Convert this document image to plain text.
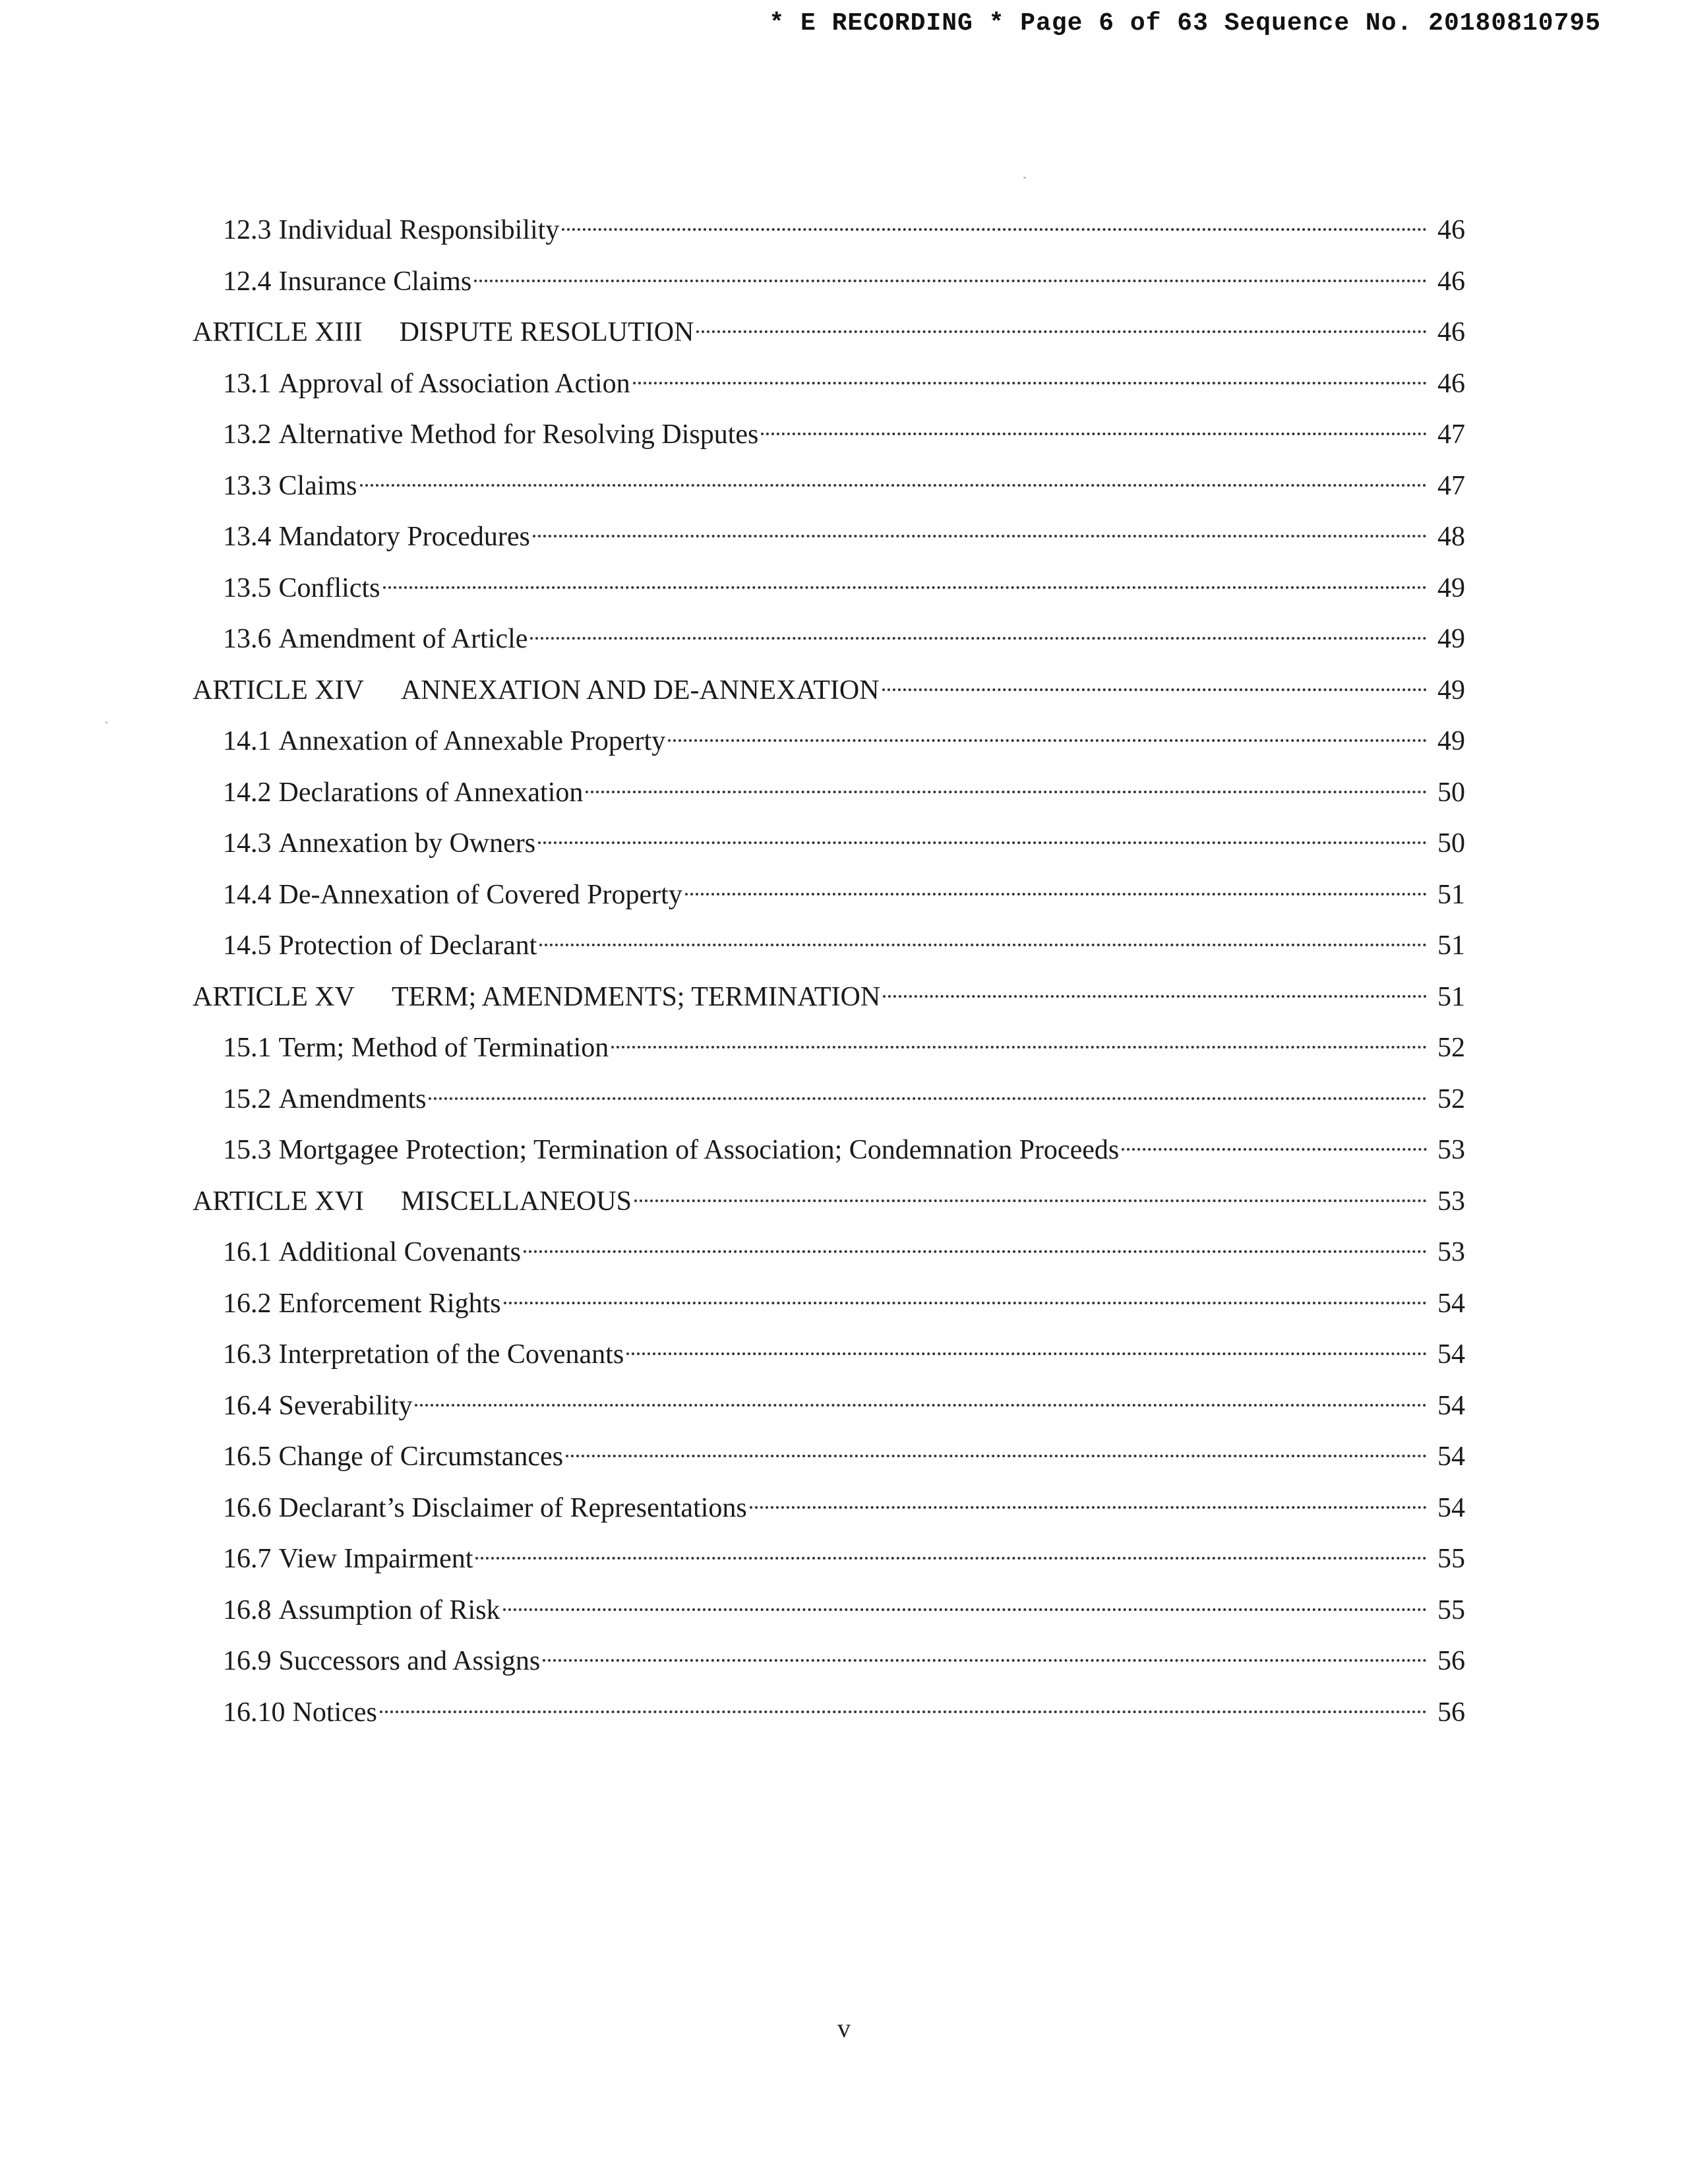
* E RECORDING * Page 6 of 63 Sequence No. 20180810795
12.3 Individual Responsibility	46
12.4 Insurance Claims	46
ARTICLE XIII DISPUTE RESOLUTION	46
13.1 Approval of Association Action	46
13.2 Alternative Method for Resolving Disputes	47
13.3 Claims	47
13.4 Mandatory Procedures	48
13.5 Conflicts	49
13.6 Amendment of Article	49
ARTICLE XIV ANNEXATION AND DE-ANNEXATION	49
14.1 Annexation of Annexable Property	49
14.2 Declarations of Annexation	50
14.3 Annexation by Owners	50
14.4 De-Annexation of Covered Property	51
14.5 Protection of Declarant	51
ARTICLE XV TERM; AMENDMENTS; TERMINATION	51
15.1 Term; Method of Termination	52
15.2 Amendments	52
15.3 Mortgagee Protection; Termination of Association; Condemnation Proceeds	53
ARTICLE XVI MISCELLANEOUS	53
16.1 Additional Covenants	53
16.2 Enforcement Rights	54
16.3 Interpretation of the Covenants	54
16.4 Severability	54
16.5 Change of Circumstances	54
16.6 Declarant’s Disclaimer of Representations	54
16.7 View Impairment	55
16.8 Assumption of Risk	55
16.9 Successors and Assigns	56
16.10 Notices	56
v
